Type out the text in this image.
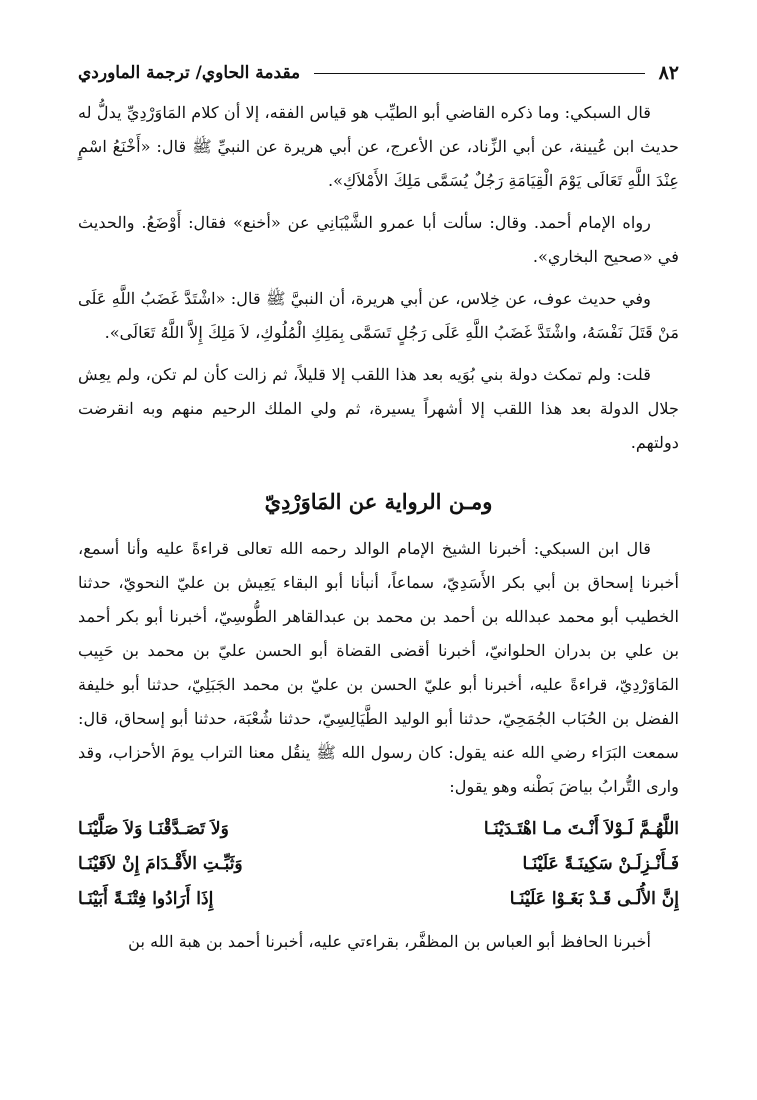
٨٢
مقدمة الحاوي/ ترجمة الماوردي

قال السبكي: وما ذكره القاضي أبو الطيِّب هو قياس الفقه، إلا أن كلام المَاوَرْدِيِّ يدلُّ له حديث ابن عُيينة، عن أبي الزِّناد، عن الأعرج، عن أبي هريرة عن النبيِّ ﷺ قال: «أَخْنَعُ اسْمٍ عِنْدَ اللَّهِ تَعَالَى يَوْمَ الْقِيَامَةِ رَجُلٌ يُسَمَّى مَلِكَ الأَمْلاَكِ».

رواه الإمام أحمد. وقال: سألت أبا عمرو الشَّيْبَانِي عن «أخنع» فقال: أَوْضَعُ. والحديث في «صحيح البخاري».

وفي حديث عوف، عن خِلاس، عن أبي هريرة، أن النبيَّ ﷺ قال: «اشْتَدَّ غَضَبُ اللَّهِ عَلَى مَنْ قَتَلَ نَفْسَهُ، واشْتَدَّ غَضَبُ اللَّهِ عَلَى رَجُلٍ تَسَمَّى بِمَلِكِ الْمُلُوكِ، لاَ مَلِكَ إِلاَّ اللَّهُ تَعَالَى».

قلت: ولم تمكث دولة بني بُوَيه بعد هذا اللقب إلا قليلاً، ثم زالت كأن لم تكن، ولم يعِش جلال الدولة بعد هذا اللقب إلا أشهراً يسيرة، ثم ولي الملك الرحيم منهم وبه انقرضت دولتهم.

ومـن الرواية عن المَاوَرْدِيّ

قال ابن السبكي: أخبرنا الشيخ الإمام الوالد رحمه الله تعالى قراءةً عليه وأنا أسمع، أخبرنا إسحاق بن أبي بكر الأَسَدِيّ، سماعاً، أنبأنا أبو البقاء يَعِيش بن عليّ النحويّ، حدثنا الخطيب أبو محمد عبدالله بن أحمد بن محمد بن عبدالقاهر الطُّوسِيّ، أخبرنا أبو بكر أحمد بن علي بن بدران الحلوانيّ، أخبرنا أقضى القضاة أبو الحسن عليّ بن محمد بن حَبِيب المَاوَرْدِيّ، قراءةً عليه، أخبرنا أبو عليّ الحسن بن عليّ بن محمد الجَبَلِيّ، حدثنا أبو خليفة الفضل بن الحُبَاب الجُمَحِيّ، حدثنا أبو الوليد الطَّيَالِسِيّ، حدثنا شُعْبَة، حدثنا أبو إسحاق، قال: سمعت البَرَاء رضي الله عنه يقول: كان رسول الله ﷺ ينقُل معنا التراب يومَ الأحزاب، وقد وارى التُّرابُ بياضَ بَطْنه وهو يقول:

اللَّهُـمَّ لَـوْلاَ أَنْـتَ مـا اهْتَـدَيْنَـا
وَلاَ تَصَـدَّقْنَـا وَلاَ صَلَّيْنَـا
فَـأَنْـزِلَـنْ سَكِينَـةً عَلَيْنَـا
وَثَبِّـتِ الأَقْـدَامَ إِنْ لاَقَيْنَـا
إِنَّ الأُلَـى قَـدْ بَغَـوْا عَلَيْنَـا
إِذَا أَرَادُوا فِتْنَـةً أَبَيْنَـا

أخبرنا الحافظ أبو العباس بن المظفَّر، بقراءتي عليه، أخبرنا أحمد بن هبة الله بن
